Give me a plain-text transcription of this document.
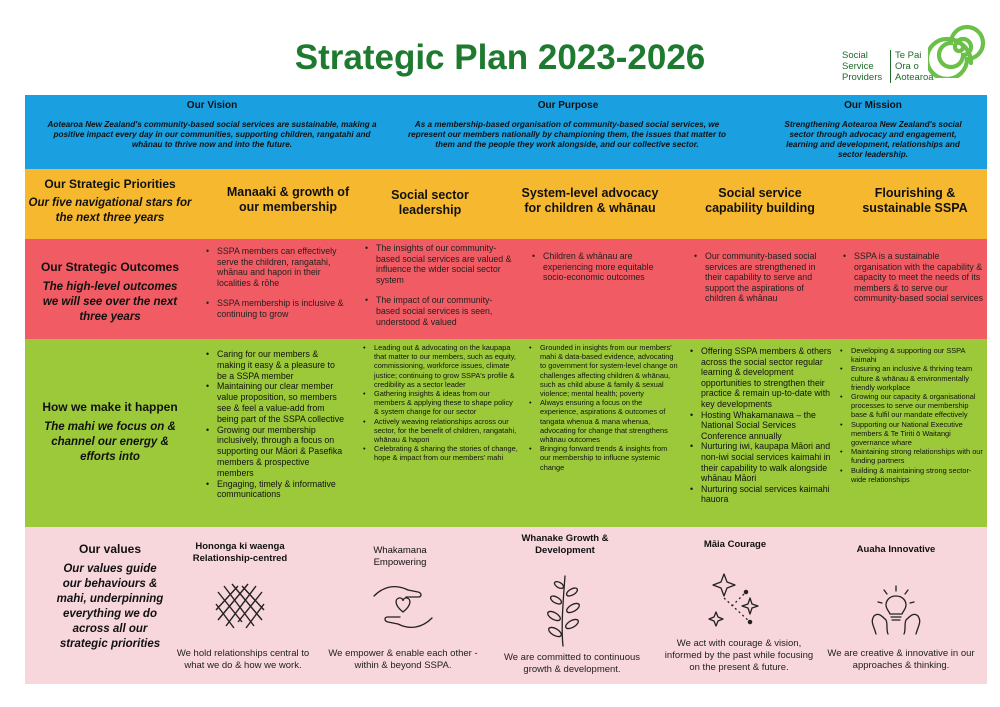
Strategic Plan 2023-2026	Social
Service
Providers
Te Pai
Ora o
Aotearoa
Our Vision
Aotearoa New Zealand's community-based social services are sustainable, making a positive impact every day in our communities, supporting children, rangatahi and whānau to thrive now and into the future.
Our Purpose
As a membership-based organisation of community-based social services, we represent our members nationally by championing them, the issues that matter to them and the people they work alongside, and our collective sector.
Our Mission
Strengthening Aotearoa New Zealand's social sector through advocacy and engagement, learning and development, relationships and sector leadership.
Our Strategic Priorities
Our five navigational stars for the next three years
Manaaki & growth of our membership
Social sector leadership
System-level advocacy for children & whānau
Social service capability building
Flourishing & sustainable SSPA
Our Strategic Outcomes
The high-level outcomes we will see over the next three years
• SSPA members can effectively serve the children, rangatahi, whānau and hapori in their localities & rōhe
• SSPA membership is inclusive & continuing to grow
• The insights of our community-based social services are valued & influence the wider social sector system
• The impact of our community-based social services is seen, understood & valued
• Children & whānau are experiencing more equitable socio-economic outcomes
• Our community-based social services are strengthened in their capability to serve and support the aspirations of children & whānau
• SSPA is a sustainable organisation with the capability & capacity to meet the needs of its members & to serve our community-based social services
How we make it happen
The mahi we focus on & channel our energy & efforts into
• Caring for our members & making it easy & a pleasure to be a SSPA member
• Maintaining our clear member value proposition, so members see & feel a value-add from being part of the SSPA collective
• Growing our membership inclusively, through a focus on supporting our Māori & Pasefika members & prospective members
• Engaging, timely & informative communications
• Leading out & advocating on the kaupapa that matter to our members, such as equity, commissioning, workforce issues, climate justice; continuing to grow SSPA's profile & credibility as a sector leader
• Gathering insights & ideas from our members & applying these to shape policy & system change for our sector
• Actively weaving relationships across our sector, for the benefit of children, rangatahi, whānau & hapori
• Celebrating & sharing the stories of change, hope & impact from our members' mahi
• Grounded in insights from our members' mahi & data-based evidence, advocating to government for system-level change on challenges affecting children & whānau, such as child abuse & family & sexual violence; mental health; poverty
• Always ensuring a focus on the experience, aspirations & outcomes of tangata whenua & mana whenua, advocating for change that strengthens whānau outcomes
• Bringing forward trends & insights from our membership to influcne systemic change
• Offering SSPA members & others across the social sector regular learning & development opportunities to strengthen their practice & remain up-to-date with key developments
• Hosting Whakamanawa – the National Social Services Conference annually
• Nurturing iwi, kaupapa Māori and non-iwi social services kaimahi in their capability to walk alongside whānau Māori
• Nurturing social services kaimahi hauora
• Developing & supporting our SSPA kaimahi
• Ensuring an inclusive & thriving team culture & whānau & environmentally friendly workplace
• Growing our capacity & organisational processes to serve our membership base & fulfil our mandate effectively
• Supporting our National Executive members & Te Tiriti ō Waitangi governance whare
• Maintaining strong relationships with our funding partners
• Building & maintaining strong sector-wide relationships
Our values
Our values guide our behaviours & mahi, underpinning everything we do across all our strategic priorities
Hononga ki waenga Relationship-centred
We hold relationships central to what we do & how we work.
Whakamana Empowering
We empower & enable each other - within & beyond SSPA.
Whanake Growth & Development
We are committed to continuous growth & development.
Māia Courage
We act with courage & vision, informed by the past while focusing on the present & future.
Auaha Innovative
We are creative & innovative in our approaches & thinking.
